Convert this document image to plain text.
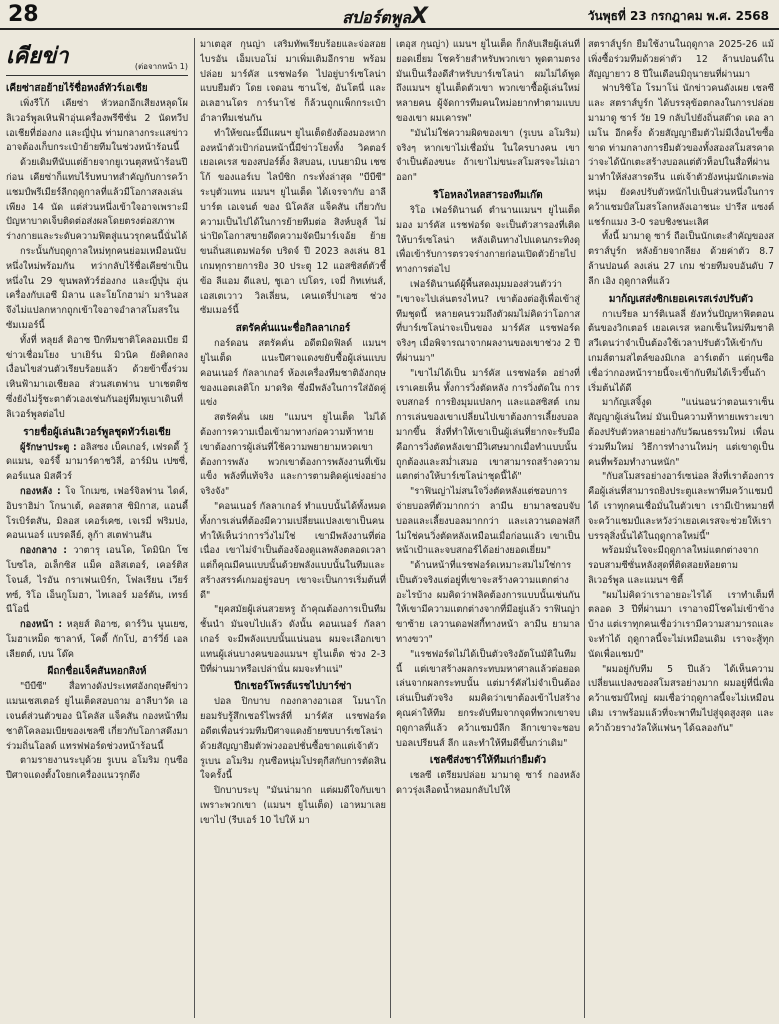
28	สปอร์ตพูลX	วันพุธที่ 23 กรกฎาคม พ.ศ. 2568
เคียข่า	(ต่อจากหน้า 1)
เคียซ่าสอย้ายไร้ชื่อหงส์ทัวร์เอเชีย

เพิ่งรีโก้ เคียซ่า หัวหอกอีกเสียงหลุดโผลิเวอร์พูลเหินฟ้าอุ่นเครื่องพรีซีซั่น 2 นัดทวีปเอเชียที่ฮ่องกง และญี่ปุ่น ท่ามกลางกระแสข่าวอาจต้องเก็บกระเป๋าย้ายทีมในช่วงหน้าร้อนนี้

ด้วยเดิมทีนับแต่ย้ายจากยูเวนตุสหน้าร้อนปีก่อน เคียซ่าก็แทบไร้บทบาทสำคัญกับการคว้าแชมป์พรีเมียร์ลีกฤดูกาลที่แล้วมีโอกาสลงเล่นเพียง 14 นัด แต่ส่วนหนึ่งเข้าใจอาจเพราะมีปัญหาบาดเจ็บติดต่อส่งผลโดยตรงต่อสภาพร่างกายและระดับความฟิตสู่แนวรุกคนนี้นั่นได้

กระนั้นกับฤดูกาลใหม่ทุกคนย่อมเหมือนนับหนึ่งใหม่พร้อมกัน ทว่ากลับไร้ชื่อเคียซ่าเป็นหนึ่งใน 29 ขุนพลทัวร์ฮ่องกง และญี่ปุ่น อุ่นเครื่องกับเอซี มิลาน และโยโกฮาม่า มารินอส จึงไม่แปลกหากถูกเข้าใจอาจอำลาสโมสรในซัมเมอร์นี้

ทั้งที่ หลุยส์ ดิอาซ ปีกทีมชาติโคลอมเบีย มีข่าวเชื่อมโยง บาเยิร์น มิวนิค ยังติดกลงเงื่อนไขส่วนตัวเรียบร้อยแล้ว ด้วยข้าขึ้งร่วมเหินฟ้ามาเอเชียลอ ส่วนสเตฟาน บาเชตติช ซึ่งยังไม่รู้ชะตาตัวเองเช่นกันอยู่ทีมพูเบาเดินที่ลิเวอร์พูลต่อไป

รายชื่อผู้เล่นลิเวอร์พูลชุดทัวร์เอเชีย
ผู้รักษาประตู : อลิสซง เบ็คเกอร์, เฟรดดี้ วู้ดแมน, จอร์จี้ มามาร์ดาชวิลี่, อาร์มิน เปซซี่, คอร์แนล มิสคีวร์
กองหลัง : โจ โกเมซ, เฟอร์จิลฟาน ไดค์, อิบราฮิม่า โกนาเต้, คอสตาส ซิมิกาส, แอนดี้ โรเบิร์ตสัน, มิลอส เคอร์เคซ, เจเรมี่ ฟริมปง, คอนเนอร์ แบรดลีย์, ลูก้า สเตฟานสัน
กองกลาง : วาตารุ เอนโด, โดมินิก โซโบซไล, อเล็กซิส แม็ค อลิสเตอร์, เคอร์ติส โจนส์, ไรอัน กราเฟนเบิร์ก, โฟลเรียน เวียร์ทซ์, ริโอ เอ็นกูโมฮา, ไทเลอร์ มอร์ตัน, เทรย์ นีโอนี่
กองหน้า : หลุยส์ ดิอาซ, ดาร์วิน นูนเยซ, โมฮาเหม็ด ซาลาห์, โคดี้ กักโป, ฮาร์วี่ย์ เอลเลียตต์, เบน โด๊ค
ผีถกชื่อแจ็คสันหอกสิงห์

"บีบีซี" สื่อทางดังประเทศอังกฤษตีข่าว แมนเชสเตอร์ ยูไนเต็ดสอบถาม อาลีบาวัด เอเจนต์ส่วนตัวของ นิโคลัส แจ็คสัน กองหน้าทีมชาติโคลอมเบียของเชลซี เกี่ยวกับโอกาสดึงมาร่วมถิ่นโอลด์ แทรฟฟอร์ดช่วงหน้าร้อนนี้

ตามรายงานระบุด้วย รูเบน อโมริม กุนซือปีศาจแดงตั้งใจยกเครื่องแนวรุกตึง

มาเตอุส กุนญ่า เสริมทัพเรียบร้อยและจ่อสอย ไบรอัน เอ็มเบอโม่ มาเพิ่มเติมอีกราย พร้อมปล่อย มาร์คัส แรชฟอร์ด ไปอยู่บาร์เซโลน่าแบบยืมตัว โดย เจดอน ซานโช่, อันโตนี่ และอเลฮานโดร การ์นาโช่ ก็ล้วนถูกแพ็กกระเป๋าอำลาทีมเช่นกัน

ทำให้ขณะนี้มีแผนฯ ยูไนเต็ดยังต้องมองหากองหน้าตัวเป้าก่อนหน้านี้มีข่าวโยงทั้ง วิคตอร์ เยอเคเรส ของสปอร์ติ้ง ลิสบอน, เบนยามิน เชซโก้ ของแอร์เบ ไลป์ซิก กระทั่งล่าสุด "บีบีซี" ระบุตัวแทน แมนฯ ยูไนเต็ด ได้เจรจากับ อาลี บาร์ต เอเจนต์ ของ นิโคลัส แจ็คสัน เกี่ยวกับความเป็นไปได้ในการย้ายทีมต่อ สิงห์บลูส์ ไม่น่าปิดโอกาสขายดีดความจัดบีมาร์เจอ้ย ย้ายขนถิ่นสแตมฟอร์ด บริดจ์ ปี 2023 ลงเล่น 81 เกมทุกรายการยิง 30 ประตู 12 แอสซิสต์ตัวชี้ข้อ ลีแอม ดีแลป, ชูเอา เปโดร, เจมี่ กิทเท่นส์, เอสเตเวาว วิลเลี่ยน, เคนเดรี่ปาเอซ ช่วงซัมเมอร์นี้

สตรัคคั่นแนะชื่อกิลลาเกอร์

กอร์ดอน สตรัคคั่น อดีตมิดฟิลด์ แมนฯ ยูไนเต็ด แนะปีศาจแดงขยับซื้อผู้เล่นแบบ คอนเนอร์ กัลลาเกอร์ ห้องเครื่องทีมชาติอังกฤษของแอตเลติโก มาดริด ซึ่งมีพลังในการใส่อัดคู่แข่ง

สตรัคคั่น เผย "แมนฯ ยูไนเต็ด ไม่ได้ต้องการความเบื่อเข้ามาทางก่อความท้าทายเขาต้องการผู้เล่นที่ใช้ความพยายามหวดเขาต้องการพลัง พวกเขาต้องการพลังงานที่เข้มแข็ง พลังที่แท้จริง และการตามติดคู่แข่งอย่างจริงจัง"

"คอนเนอร์ กัลลาเกอร์ ทำแบบนั้นได้ทั้งหมด ทั้งการเล่นที่ต้องมีความเปลี่ยนแปลงเขาเป็นคนทำให้เห็นว่าการวิ่งไม่ใช่ เขามีพลังงานที่ต่อเนื่อง เขาไม่จำเป็นต้องจ้องดูแลพลังตลอดเวลา แต่ก็คุณมีคนแบบนั้นด้วยพลังแบบนั้นในทีมและสร้างสรรค์เกมอยู่รอบๆ เขาจะเป็นการเริ่มต้นที่ดี"

"ยุคสมัยผู้เล่นสวยหรู ถ้าคุณต้องการเป็นทีมชั้นนำ มันจบไปแล้ว ดังนั้น คอนเนอร์ กัลลาเกอร์ จะมีพลังแบบนั้นแน่นอน ผมจะเลือกเขาแทนผู้เล่นบางคนของแมนฯ ยูไนเต็ด ช่วง 2-3 ปีที่ผ่านมาหรือเปล่านั่น ผมจะทำแน่"

ปีกเชอร์โพรส์แรชไปบาร์ซ่า

ปอล ปิกบาบ กองกลางอาเอส โมนาโก ยอมรับรู้สึกเชอร์ไพรส์ที่ มาร์คัส แรชฟอร์ด อดีตเพื่อนร่วมทีมปีศาจแดงย้ายซบบาร์เซโลน่า ด้วยสัญญายืมตัวพ่วงออปชั่นซื้อขาดแต่เจ้าตัว รูเบน อโมริม กุนซือหนุ่มโปรตุกีสกับการตัดสินใจครั้งนี้

ปิกบาบระบุ "มันน่ามาก แต่ผมดีใจกับเขา เพราะพวกเขา (แมนฯ ยูไนเต็ด) เอาหมาเลยเขาไป (รีบเอร์ 10 ไปให้ มา

เตอุส กุนญ่า) แมนฯ ยูไนเต็ด ก็กลับเสียผู้เล่นที่ยอดเยี่ยม โชคร้ายสำหรับพวกเขา พูดตามตรง มันเป็นเรื่องดีสำหรับบาร์เซโลน่า ผมไม่ได้พูดถึงแมนฯ ยูไนเต็ดตัวเขา พวกเขาซื้อผู้เล่นใหม่หลายคน ผู้จัดการทีมคนใหม่อยากทำตามแบบของเขา ผมเคารพ"

"มันไม่ใช่ความผิดของเขา (รูเบน อโมริม) จริงๆ หากเขาไม่เชื่อมั่น ในใครบางคน เขาจำเป็นต้องขนะ ถ้าเขาไม่ขนะสโมสรจะไม่เอาออก"

ริโอหลงไหลสารองทีมเก๊ต

ริโอ เฟอร์ดินานด์ ตำนานแมนฯ ยูไนเต็ด มอง มาร์คัส แรชฟอร์ด จะเป็นตัวสารองที่เติดให้บาร์เซโลน่า หลังเดินทางไปแดนกระทิงดุเพื่อเข้ารับการตรวจร่างกายก่อนเปิดตัวย้ายไปทางการต่อไป

เฟอร์ดินานด์ผู้พื้นสดงมุมมองส่วนตัวว่า "เขาจะไปเล่นตรงไหน? เขาต้องต่อสู้เพื่อเข้าสู่ทีมชุดนี้ หลายคนรวมถึงตัวผมไม่คิดว่าโอกาสที่บาร์เซโลน่าจะเป็นของ มาร์คัส แรชฟอร์ด จริงๆ เมื่อพิจารณาจากผลงานของเขาช่วง 2 ปีที่ผ่านมา"

"เขาไม่ได้เป็น มาร์คัส แรชฟอร์ด อย่างที่เราเคยเห็น ทั้งการวิ่งตัดหลัง การวิ่งตัดใน การจบสกอร์ การยิงมุมแปลกๆ และแอสซิสต์ เกมการเล่นของเขาเปลี่ยนไปเขาต้องการเลี้ยงบอลมากขึ้น สิ่งที่ทำให้เขาเป็นผู้เล่นที่ยากจะรับมือคือการวิ่งตัดหลังเขามีวิเศษมากเมื่อทำแบบนั้นถูกต้องและสม่ำเสมอ เขาสามารถสร้างความแตกต่างให้บาร์เซโลน่าชุดนี้ได้"

"ราฟินญ่าไม่สนใจวิ่งตัดหลังแต่ชอบการจ่ายบอลที่ตัวมากกว่า ลามีน ยามาลชอบจับบอลและเลี้ยงบอลมากกว่า และเลวานดอฟสกีไม่ใช่คนวิ่งตัดหลังเหมือนเมื่อก่อนแล้ว เขาเป็นหน้าเป้าและจบสกอร์ได้อย่างยอดเยี่ยม"

"ด้านหน้าที่แรชฟอร์ดเหมาะสมไม่ใช่การเป็นตัวจริงแต่อยู่ที่เขาจะสร้างความแตกต่างอะไรบ้าง ผมคิดว่าฟลิคต้องการแบบนั้นเช่นกัน ให้เขามีความแตกต่างจากที่มีอยู่แล้ว ราฟินญ่าขาซ้าย เลวานดอฟสกี้ทางหน้า ลามีน ยามาล ทางขวา"

"แรชฟอร์ดไม่ได้เป็นตัวจริงอัตโนมัติในทีมนี้ แต่เขาสร้างผลกระทบมหาศาลแล้วต่อยอดเล่นจากผลกระทบนั้น แต่มาร์คัสไม่จำเป็นต้องเล่นเป็นตัวจริง ผมคิดว่าเขาต้องเข้าไปสร้างคุณค่าให้ทีม ยกระดับทีมจากจุดที่พวกเขาจบฤดูกาลที่แล้ว คว้าแชมป์ลีก ลีกาเขาจะชอบบอลเปรียนส์ ลีก และทำให้ทีมดีขึ้นกว่าเดิม"

เชลซีส่งชาร์ให้ทีมเก่ายืมตัว

เชลซี เตรียมปล่อย มามาดู ซาร์ กองหลังดาวรุ่งเลือดน้ำหอมกลับไปให้

สตราส์บูร์ก ยืมใช้งานในฤดูกาล 2025-26 แม้เพิ่งซื้อร่วมทีมด้วยค่าตัว 12 ล้านปอนด์ในสัญญายาว 8 ปีในเดือนมิถุนายนที่ผ่านมา

ฟาบริซิโอ โรมาโน่ นักข่าวคนดังเผย เชลซี และ สตราส์บูร์ก ได้บรรลุข้อตกลงในการปล่อย มามาดู ซาร์ วัย 19 กลับไปยังถิ่นสต๊าด เดอ ลา เมโน อีกครั้ง ด้วยสัญญายืมตัวไม่มีเงื่อนไขซื้อขาด ท่ามกลางการยืมตัวของทั้งสองสโมสรคาดว่าจะได้นักเตะสร้างบอลแต่ตัวท็อปในสื่อที่ผ่านมาทำให้ส่งสารดรีน แต่เจ้าตัวยังหนุ่มนักเตะพ่อหนุ่ม ยังคงปรับตัวหนักไปเป็นส่วนหนึ่งในการคว้าแชมป์สโมสรโลกหลังเอาชนะ ปารีส แซงต์ แชร์กแมง 3-0 รอบชิงชนะเลิศ

ทั้งนี้ มามาดู ซาร์ ถือเป็นนักเตะสำคัญของสตราส์บูร์ก หลังย้ายจากลียง ด้วยค่าตัว 8.7 ล้านปอนด์ ลงเล่น 27 เกม ช่วยทีมจบอันดับ 7 ลีก เอิง ฤดูกาลที่แล้ว

มาก้ญเสส่งซิกเยอเคเรสเร่งปรับตัว

กาเบรียล มาร์ติเนลลี่ ยังหวั่นปัญหาฟิตตอนต้นของวิกเตอร์ เยอเคเรส หอกเซ็นใหม่ทีมชาติสวีเดนว่าจำเป็นต้องใช้เวลาปรับตัวให้เข้ากับเกมส์ตามสไตล์ของมิเกล อาร์เตต้า แต่กุนซือเชื่อว่ากองหน้ารายนี้จะเข้ากับทีมได้เร็วขึ้นถ้าเริ่มต้นได้ดี

มาก้ญเสจิ้งูด "แน่นอนว่าตอนเราเซ็นสัญญาผู้เล่นใหม่ มันเป็นความท้าทายเพราะเขาต้องปรับตัวหลายอย่างกับวัฒนธรรมใหม่ เพื่อนร่วมทีมใหม่ วิธีการทำงานใหม่ๆ แต่เขาดูเป็นคนที่พร้อมทำงานหนัก"

"กับสโมสรอย่างอาร์เซน่อล สิ่งที่เราต้องการคือผู้เล่นที่สามารถยิงประตูและพาทีมคว้าแชมป์ได้ เราทุกคนเชื่อมั่นในตัวเขา เรามีเป้าหมายที่จะคว้าแชมป์และหวังว่าเยอเคเรสจะช่วยให้เราบรรลุสิ่งนั้นได้ในฤดูกาลใหม่นี้"

พร้อมมั่นใจจะมีฤดูกาลใหม่แตกต่างจากรอบสามซีซั่นหลังสุดที่ติดสอยห้อยตาม ลิเวอร์พูล และแมนฯ ซิตี้

"ผมไม่คิดว่าเราอายอะไรได้ เราทำเต็มที่ตลอด 3 ปีที่ผ่านมา เราอาจมีโชคไม่เข้าข้างบ้าง แต่เราทุกคนเชื่อว่าเรามีความสามารถและจะทำได้ ฤดูกาลนี้จะไม่เหมือนเดิม เราจะสู้ทุกนัดเพื่อแชมป์"

"ผมอยู่กับทีม 5 ปีแล้ว ได้เห็นความเปลี่ยนแปลงของสโมสรอย่างมาก ผมอยู่ที่นี่เพื่อคว้าแชมป์ใหญ่ ผมเชื่อว่าฤดูกาลนี้จะไม่เหมือนเดิม เราพร้อมแล้วที่จะพาทีมไปสู่จุดสูงสุด และคว้าถ้วยรางวัลให้แฟนๆ ได้ฉลองกัน"
